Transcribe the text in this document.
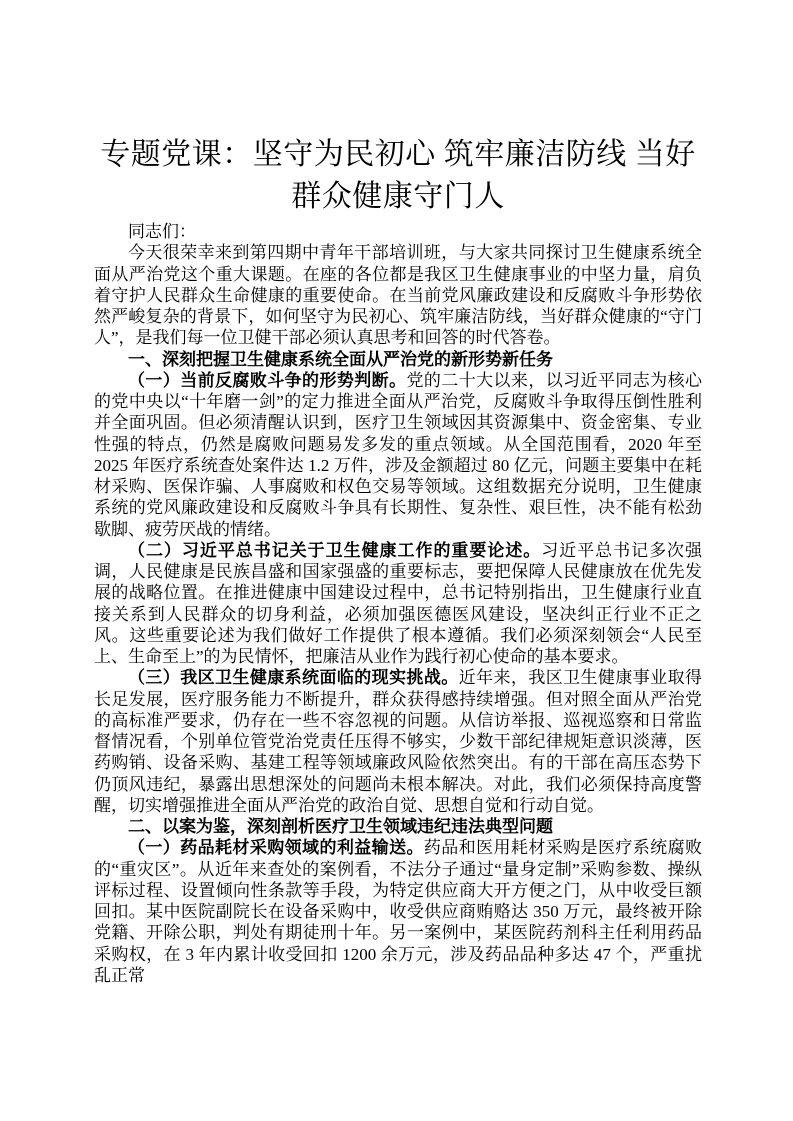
专题党课：坚守为民初心 筑牢廉洁防线 当好群众健康守门人

同志们：

今天很荣幸来到第四期中青年干部培训班，与大家共同探讨卫生健康系统全面从严治党这个重大课题。在座的各位都是我区卫生健康事业的中坚力量，肩负着守护人民群众生命健康的重要使命。在当前党风廉政建设和反腐败斗争形势依然严峻复杂的背景下，如何坚守为民初心、筑牢廉洁防线，当好群众健康的“守门人”，是我们每一位卫健干部必须认真思考和回答的时代答卷。

一、深刻把握卫生健康系统全面从严治党的新形势新任务

（一）当前反腐败斗争的形势判断。党的二十大以来，以习近平同志为核心的党中央以“十年磨一剑”的定力推进全面从严治党，反腐败斗争取得压倒性胜利并全面巩固。但必须清醒认识到，医疗卫生领域因其资源集中、资金密集、专业性强的特点，仍然是腐败问题易发多发的重点领域。从全国范围看，2020 年至 2025 年医疗系统查处案件达 1.2 万件，涉及金额超过 80 亿元，问题主要集中在耗材采购、医保诈骗、人事腐败和权色交易等领域。这组数据充分说明，卫生健康系统的党风廉政建设和反腐败斗争具有长期性、复杂性、艰巨性，决不能有松劲歇脚、疲劳厌战的情绪。

（二）习近平总书记关于卫生健康工作的重要论述。习近平总书记多次强调，人民健康是民族昌盛和国家强盛的重要标志，要把保障人民健康放在优先发展的战略位置。在推进健康中国建设过程中，总书记特别指出，卫生健康行业直接关系到人民群众的切身利益，必须加强医德医风建设，坚决纠正行业不正之风。这些重要论述为我们做好工作提供了根本遵循。我们必须深刻领会“人民至上、生命至上”的为民情怀，把廉洁从业作为践行初心使命的基本要求。

（三）我区卫生健康系统面临的现实挑战。近年来，我区卫生健康事业取得长足发展，医疗服务能力不断提升，群众获得感持续增强。但对照全面从严治党的高标准严要求，仍存在一些不容忽视的问题。从信访举报、巡视巡察和日常监督情况看，个别单位管党治党责任压得不够实，少数干部纪律规矩意识淡薄，医药购销、设备采购、基建工程等领域廉政风险依然突出。有的干部在高压态势下仍顶风违纪，暴露出思想深处的问题尚未根本解决。对此，我们必须保持高度警醒，切实增强推进全面从严治党的政治自觉、思想自觉和行动自觉。

二、以案为鉴，深刻剖析医疗卫生领域违纪违法典型问题

（一）药品耗材采购领域的利益输送。药品和医用耗材采购是医疗系统腐败的“重灾区”。从近年来查处的案例看，不法分子通过“量身定制”采购参数、操纵评标过程、设置倾向性条款等手段，为特定供应商大开方便之门，从中收受巨额回扣。某中医院副院长在设备采购中，收受供应商贿赂达 350 万元，最终被开除党籍、开除公职，判处有期徒刑十年。另一案例中，某医院药剂科主任利用药品采购权，在 3 年内累计收受回扣 1200 余万元，涉及药品品种多达 47 个，严重扰乱正常
